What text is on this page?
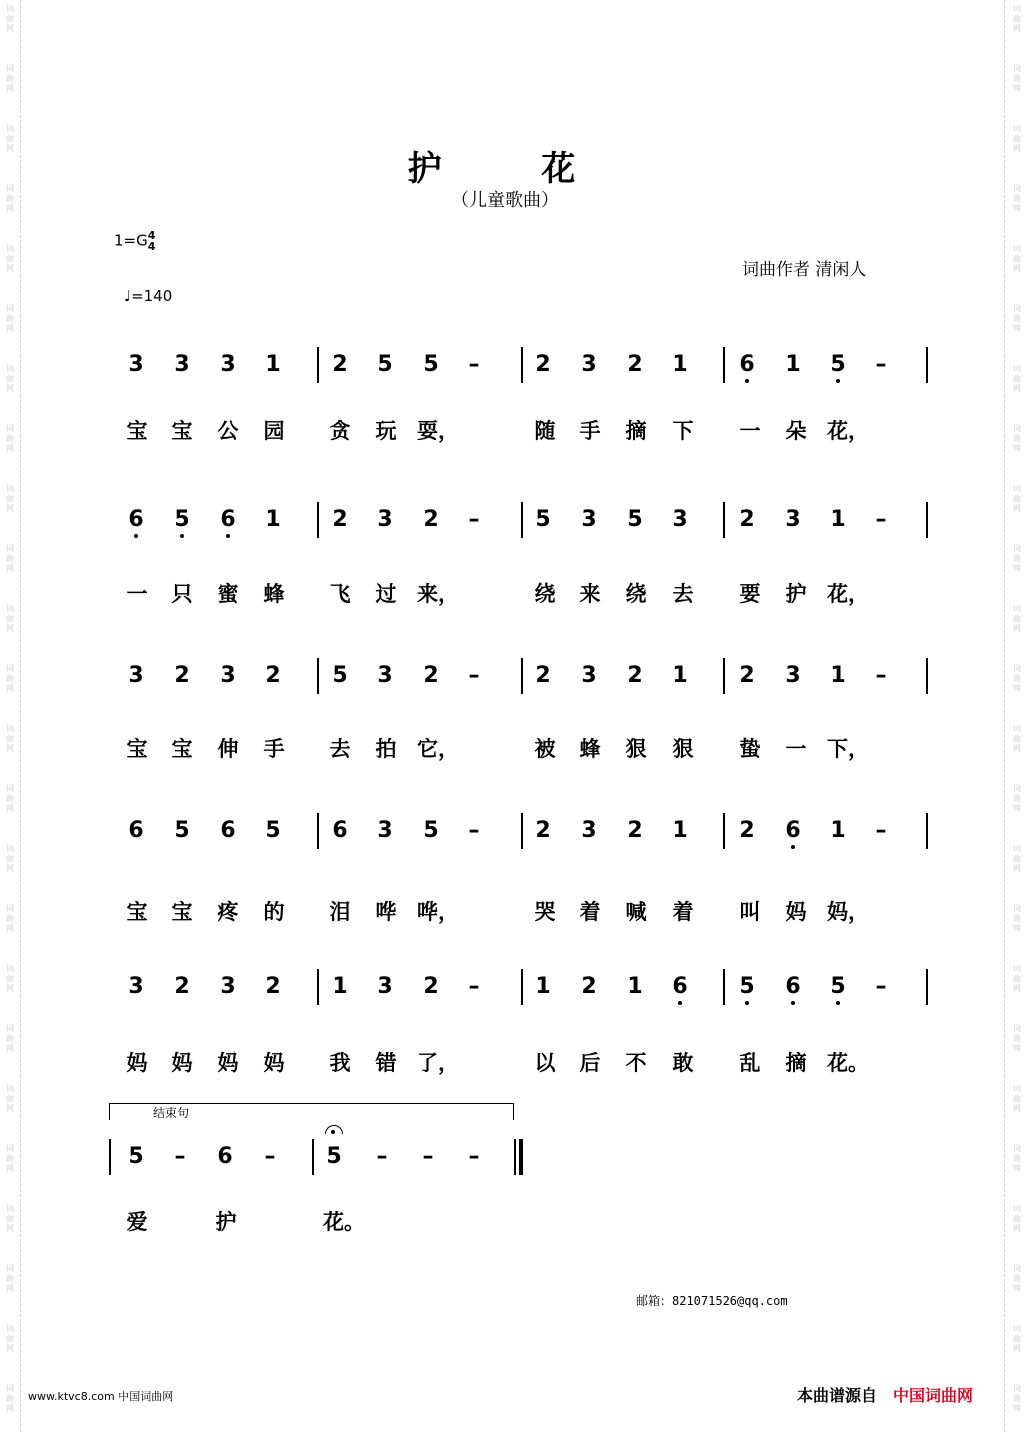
词
曲
网
词
曲
网
词
曲
网
词
曲
网
词
曲
网
词
曲
网
词
曲
网
词
曲
网
词
曲
网
词
曲
网
词
曲
网
词
曲
网
词
曲
网
词
曲
网
词
曲
网
词
曲
网
词
曲
网
词
曲
网
词
曲
网
词
曲
网
词
曲
网
词
曲
网
词
曲
网
词
曲
网
词
曲
网
词
曲
网
词
曲
网
词
曲
网
词
曲
网
词
曲
网
词
曲
网
词
曲
网
词
曲
网
词
曲
网
词
曲
网
词
曲
网
词
曲
网
词
曲
网
词
曲
网
词
曲
网
词
曲
网
词
曲
网
词
曲
网
词
曲
网
词
曲
网
词
曲
网
词
曲
网
词
曲
网
护 花
（儿童歌曲）
1=G4
4
♩=140
词曲作者 清闲人
3 3 3 1 2 5 5 –	2 3 2 1 6 1 5 –
宝 宝 公 园 贪 玩 耍，	随 手 摘 下 一 朵 花，
6 5 6 1 2 3 2 –	5 3 5 3 2 3 1 –
一 只 蜜 蜂 飞 过 来，	绕 来 绕 去 要 护 花，
3 2 3 2 5 3 2 –	2 3 2 1 2 3 1 –
宝 宝 伸 手 去 拍 它，	被 蜂 狠 狠 蛰 一 下，
6 5 6 5 6 3 5 –	2 3 2 1 2 6 1 –
宝 宝 疼 的 泪 哗 哗，	哭 着 喊 着 叫 妈 妈，
3 2 3 2 1 3 2 –	1 2 1 6 5 6 5 –
妈 妈 妈 妈 我 错 了，	以 后 不 敢 乱 摘 花。
5 – 6 – 5 – – –
爱	护	花。
结束句
邮箱：821071526@qq.com
www.ktvc8.com 中国词曲网	本曲谱源自 中国词曲网
